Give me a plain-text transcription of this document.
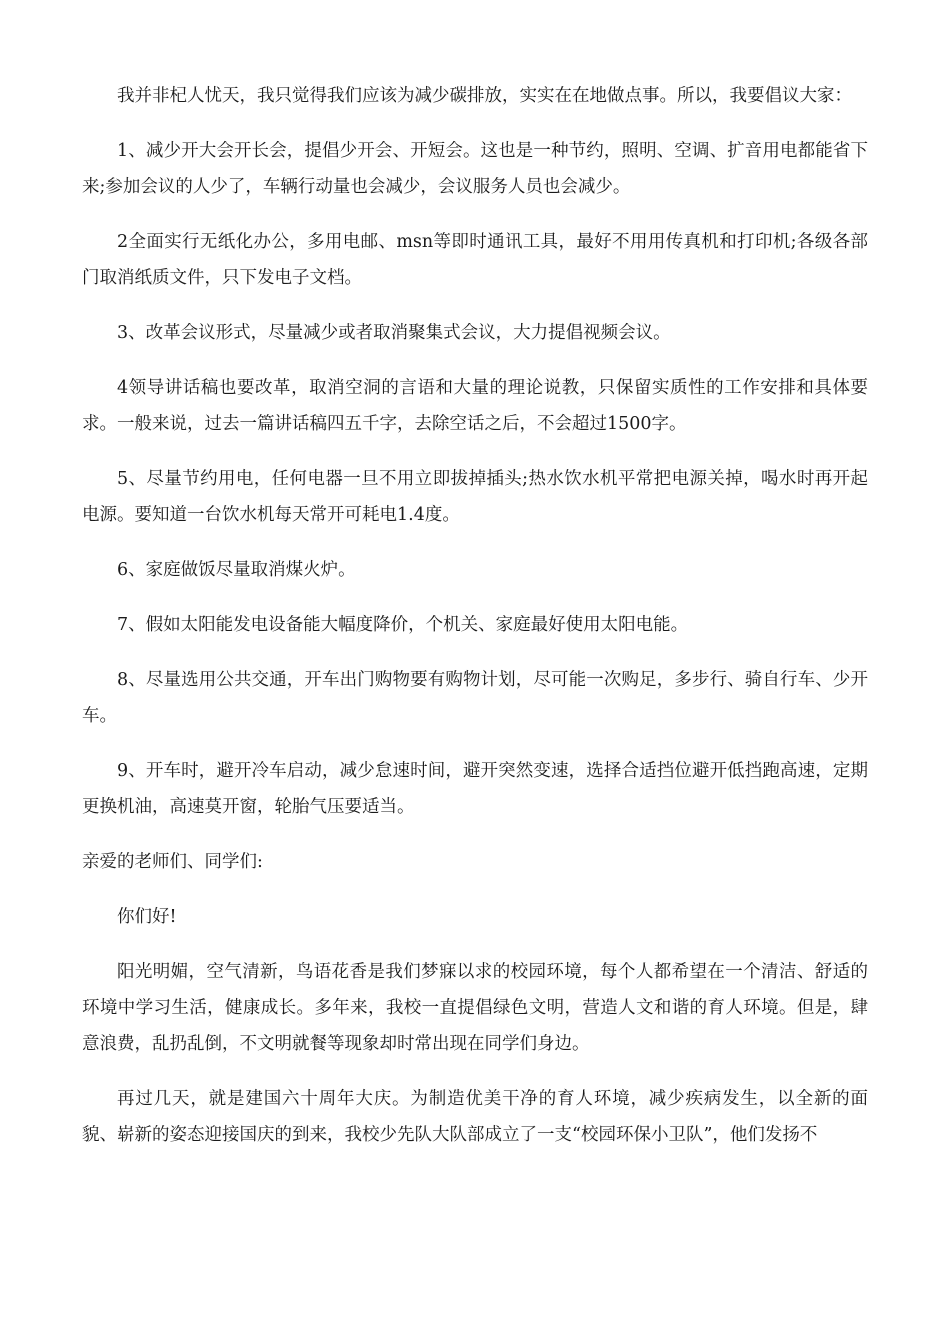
我并非杞人忧天，我只觉得我们应该为减少碳排放，实实在在地做点事。所以，我要倡议大家：

1、减少开大会开长会，提倡少开会、开短会。这也是一种节约，照明、空调、扩音用电都能省下来;参加会议的人少了，车辆行动量也会减少，会议服务人员也会减少。

2全面实行无纸化办公，多用电邮、msn等即时通讯工具，最好不用用传真机和打印机;各级各部门取消纸质文件，只下发电子文档。

3、改革会议形式，尽量减少或者取消聚集式会议，大力提倡视频会议。

4领导讲话稿也要改革，取消空洞的言语和大量的理论说教，只保留实质性的工作安排和具体要求。一般来说，过去一篇讲话稿四五千字，去除空话之后，不会超过1500字。

5、尽量节约用电，任何电器一旦不用立即拔掉插头;热水饮水机平常把电源关掉，喝水时再开起电源。要知道一台饮水机每天常开可耗电1.4度。

6、家庭做饭尽量取消煤火炉。

7、假如太阳能发电设备能大幅度降价，个机关、家庭最好使用太阳电能。

8、尽量选用公共交通，开车出门购物要有购物计划，尽可能一次购足，多步行、骑自行车、少开车。

9、开车时，避开冷车启动，减少怠速时间，避开突然变速，选择合适挡位避开低挡跑高速，定期更换机油，高速莫开窗，轮胎气压要适当。

亲爱的老师们、同学们:

你们好!

阳光明媚，空气清新，鸟语花香是我们梦寐以求的校园环境，每个人都希望在一个清洁、舒适的环境中学习生活，健康成长。多年来，我校一直提倡绿色文明，营造人文和谐的育人环境。但是，肆意浪费，乱扔乱倒，不文明就餐等现象却时常出现在同学们身边。

再过几天，就是建国六十周年大庆。为制造优美干净的育人环境，减少疾病发生，以全新的面貌、崭新的姿态迎接国庆的到来，我校少先队大队部成立了一支“校园环保小卫队”，他们发扬不
